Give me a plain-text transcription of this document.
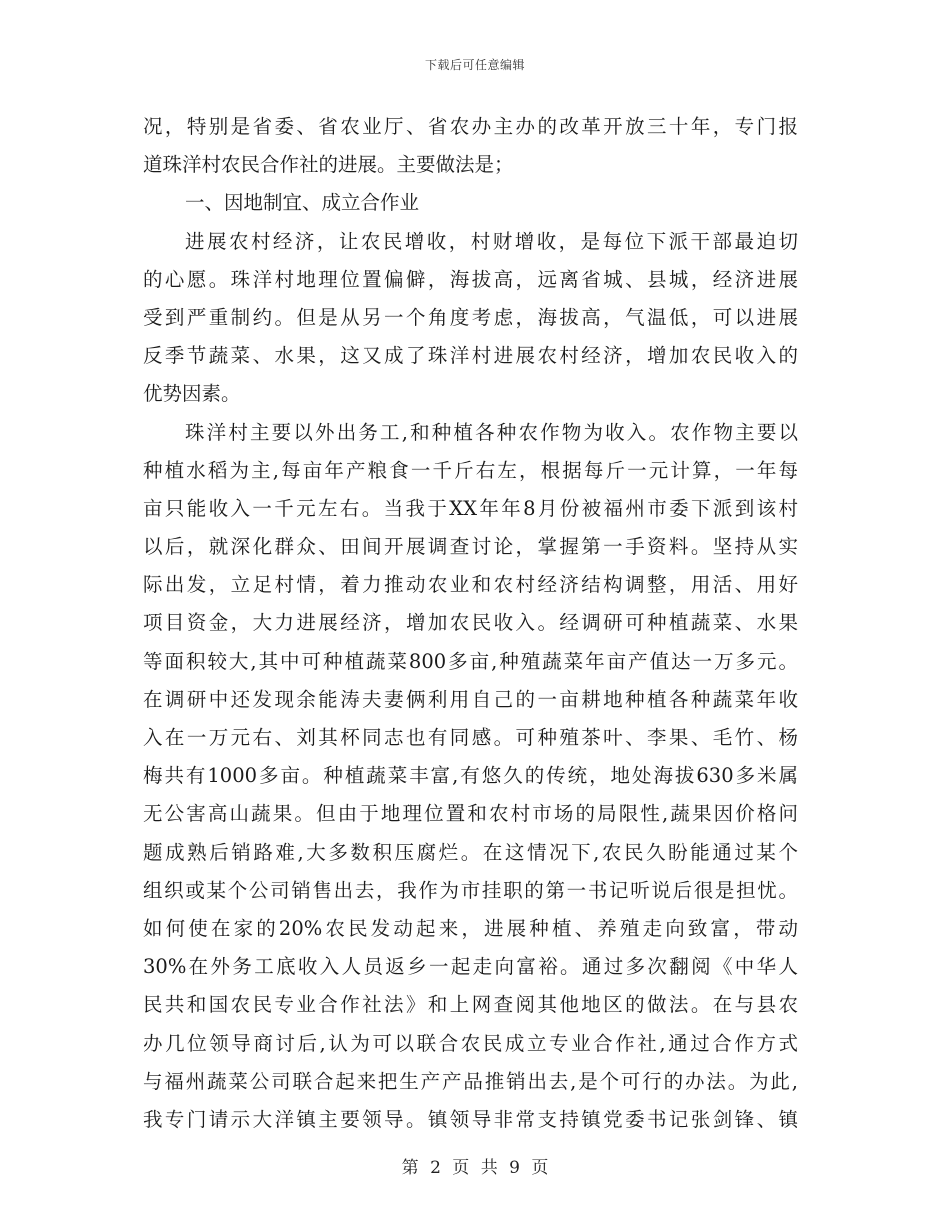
下载后可任意编辑
况，特别是省委、省农业厅、省农办主办的改革开放三十年，专门报
道珠洋村农民合作社的进展。主要做法是；
一、因地制宜、成立合作业
进展农村经济，让农民增收，村财增收，是每位下派干部最迫切
的心愿。珠洋村地理位置偏僻，海拔高，远离省城、县城，经济进展
受到严重制约。但是从另一个角度考虑，海拔高，气温低，可以进展
反季节蔬菜、水果，这又成了珠洋村进展农村经济，增加农民收入的
优势因素。
珠洋村主要以外出务工,和种植各种农作物为收入。农作物主要以
种植水稻为主,每亩年产粮食一千斤右左，根据每斤一元计算，一年每
亩只能收入一千元左右。当我于XX年年8月份被福州市委下派到该村
以后，就深化群众、田间开展调查讨论，掌握第一手资料。坚持从实
际出发，立足村情，着力推动农业和农村经济结构调整，用活、用好
项目资金，大力进展经济，增加农民收入。经调研可种植蔬菜、水果
等面积较大,其中可种植蔬菜800多亩,种殖蔬菜年亩产值达一万多元。
在调研中还发现余能涛夫妻俩利用自己的一亩耕地种植各种蔬菜年收
入在一万元右、刘其杯同志也有同感。可种殖茶叶、李果、毛竹、杨
梅共有1000多亩。种植蔬菜丰富,有悠久的传统，地处海拔630多米属
无公害高山蔬果。但由于地理位置和农村市场的局限性,蔬果因价格问
题成熟后销路难,大多数积压腐烂。在这情况下,农民久盼能通过某个
组织或某个公司销售出去，我作为市挂职的第一书记听说后很是担忧。
如何使在家的20%农民发动起来，进展种植、养殖走向致富，带动
30%在外务工底收入人员返乡一起走向富裕。通过多次翻阅《中华人
民共和国农民专业合作社法》和上网查阅其他地区的做法。在与县农
办几位领导商讨后,认为可以联合农民成立专业合作社,通过合作方式
与福州蔬菜公司联合起来把生产产品推销出去,是个可行的办法。为此,
我专门请示大洋镇主要领导。镇领导非常支持镇党委书记张剑锋、镇
第 2 页 共 9 页
